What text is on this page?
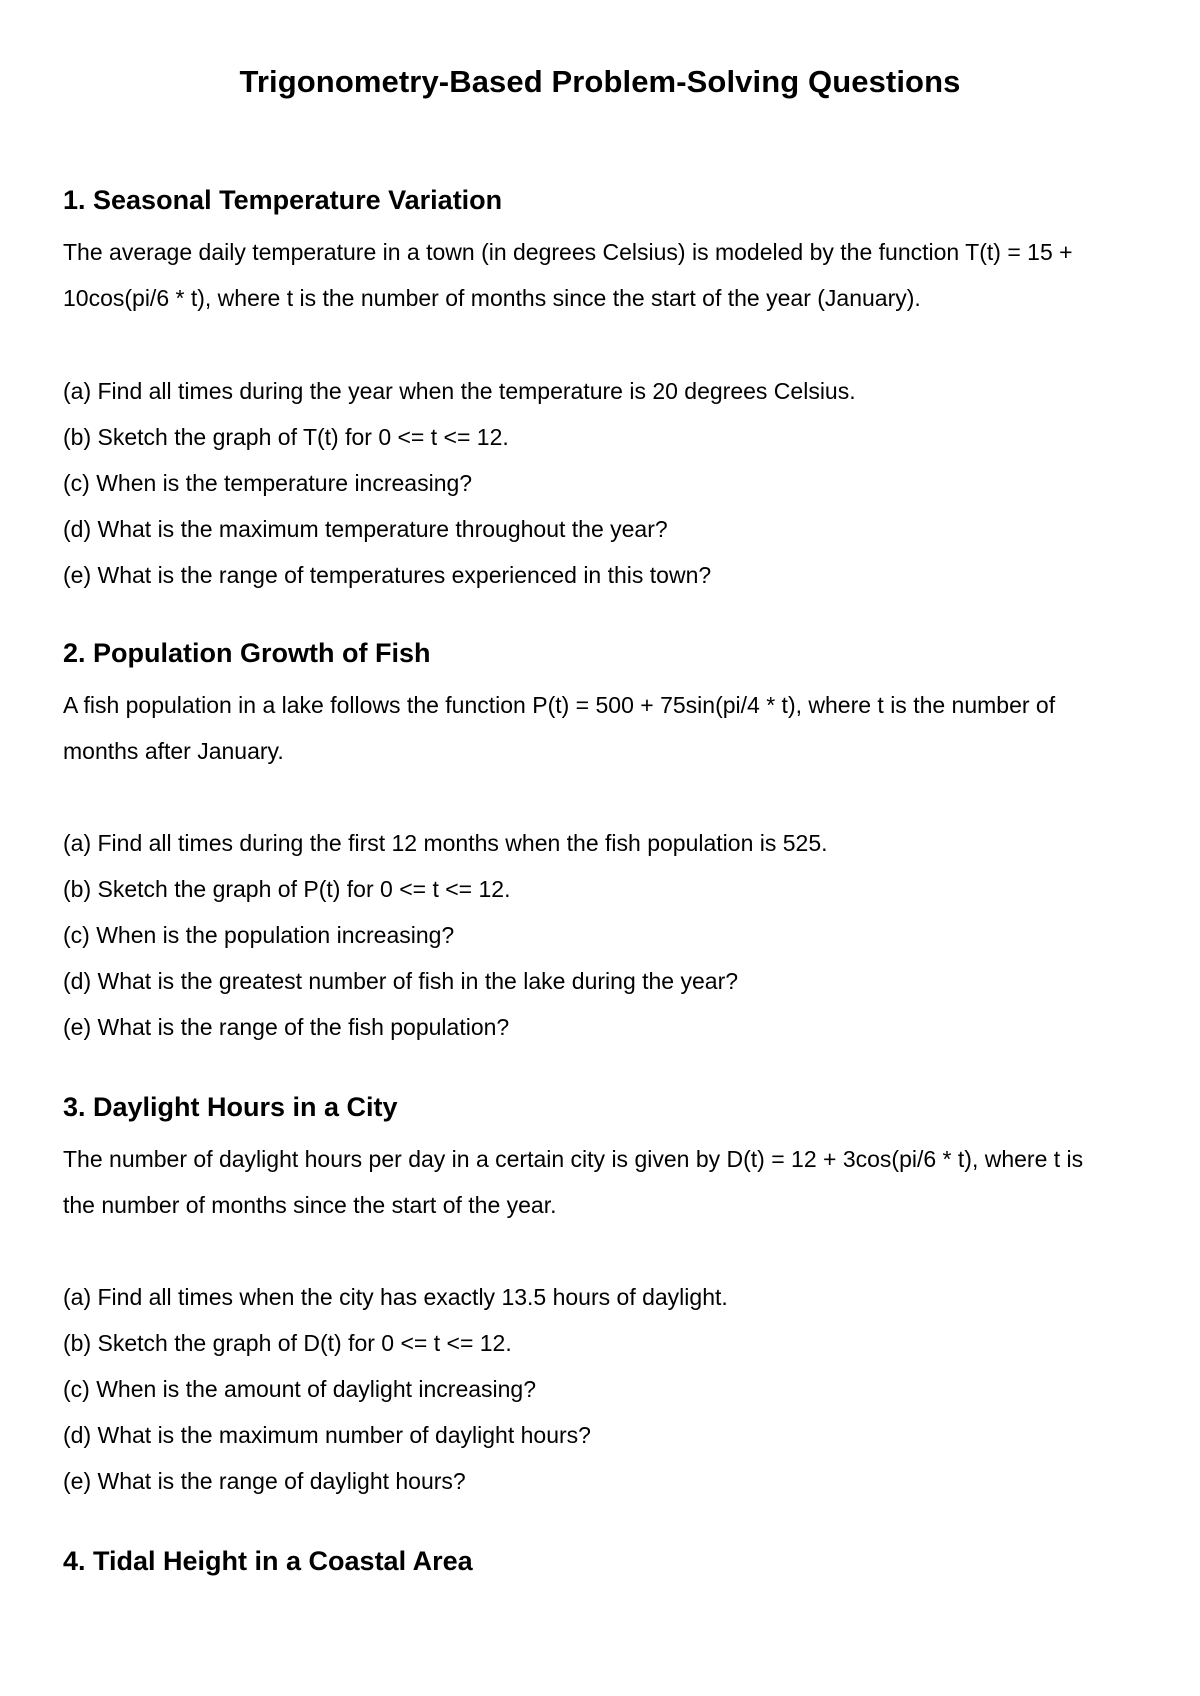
Trigonometry-Based Problem-Solving Questions
1. Seasonal Temperature Variation
The average daily temperature in a town (in degrees Celsius) is modeled by the function T(t) = 15 +
10cos(pi/6 * t), where t is the number of months since the start of the year (January).
(a) Find all times during the year when the temperature is 20 degrees Celsius.
(b) Sketch the graph of T(t) for 0 <= t <= 12.
(c) When is the temperature increasing?
(d) What is the maximum temperature throughout the year?
(e) What is the range of temperatures experienced in this town?
2. Population Growth of Fish
A fish population in a lake follows the function P(t) = 500 + 75sin(pi/4 * t), where t is the number of
months after January.
(a) Find all times during the first 12 months when the fish population is 525.
(b) Sketch the graph of P(t) for 0 <= t <= 12.
(c) When is the population increasing?
(d) What is the greatest number of fish in the lake during the year?
(e) What is the range of the fish population?
3. Daylight Hours in a City
The number of daylight hours per day in a certain city is given by D(t) = 12 + 3cos(pi/6 * t), where t is
the number of months since the start of the year.
(a) Find all times when the city has exactly 13.5 hours of daylight.
(b) Sketch the graph of D(t) for 0 <= t <= 12.
(c) When is the amount of daylight increasing?
(d) What is the maximum number of daylight hours?
(e) What is the range of daylight hours?
4. Tidal Height in a Coastal Area
